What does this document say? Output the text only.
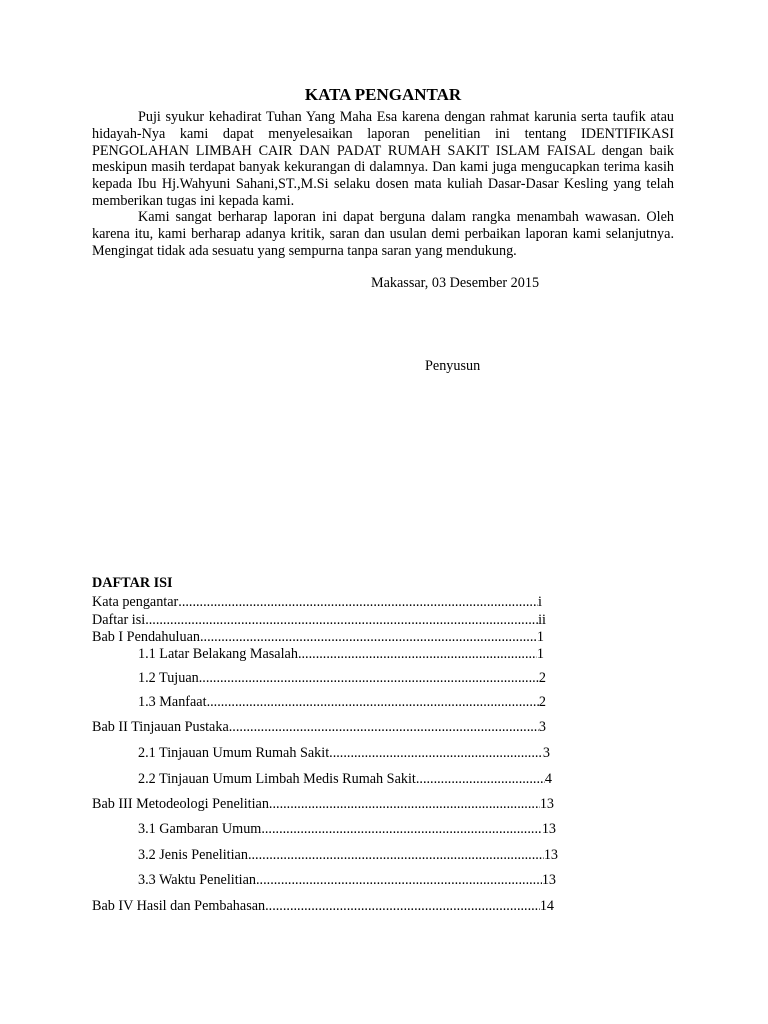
KATA PENGANTAR

Puji syukur kehadirat Tuhan Yang Maha Esa karena dengan rahmat karunia serta taufik atau hidayah-Nya kami dapat menyelesaikan laporan penelitian ini tentang IDENTIFIKASI PENGOLAHAN LIMBAH CAIR DAN PADAT RUMAH SAKIT ISLAM FAISAL dengan baik meskipun masih terdapat banyak kekurangan di dalamnya. Dan kami juga mengucapkan terima kasih kepada Ibu Hj.Wahyuni Sahani,ST.,M.Si selaku dosen mata kuliah Dasar-Dasar Kesling yang telah memberikan tugas ini kepada kami.

Kami sangat berharap laporan ini dapat berguna dalam rangka menambah wawasan. Oleh karena itu, kami berharap adanya kritik, saran dan usulan demi perbaikan laporan kami selanjutnya. Mengingat tidak ada sesuatu yang sempurna tanpa saran yang mendukung.

Makassar, 03 Desember 2015
Penyusun
DAFTAR ISI
Kata pengantar .....	i
Daftar isi .....	ii
Bab I Pendahuluan .....	1
1.1 Latar Belakang Masalah .....	1
1.2 Tujuan .....	2
1.3 Manfaat .....	2
Bab II Tinjauan Pustaka .....	3
2.1 Tinjauan Umum Rumah Sakit .....	3
2.2 Tinjauan Umum Limbah Medis Rumah Sakit .....	4
Bab III Metodeologi Penelitian .....	13
3.1 Gambaran Umum .....	13
3.2 Jenis Penelitian .....	13
3.3 Waktu Penelitian .....	13
Bab IV Hasil dan Pembahasan .....	14
